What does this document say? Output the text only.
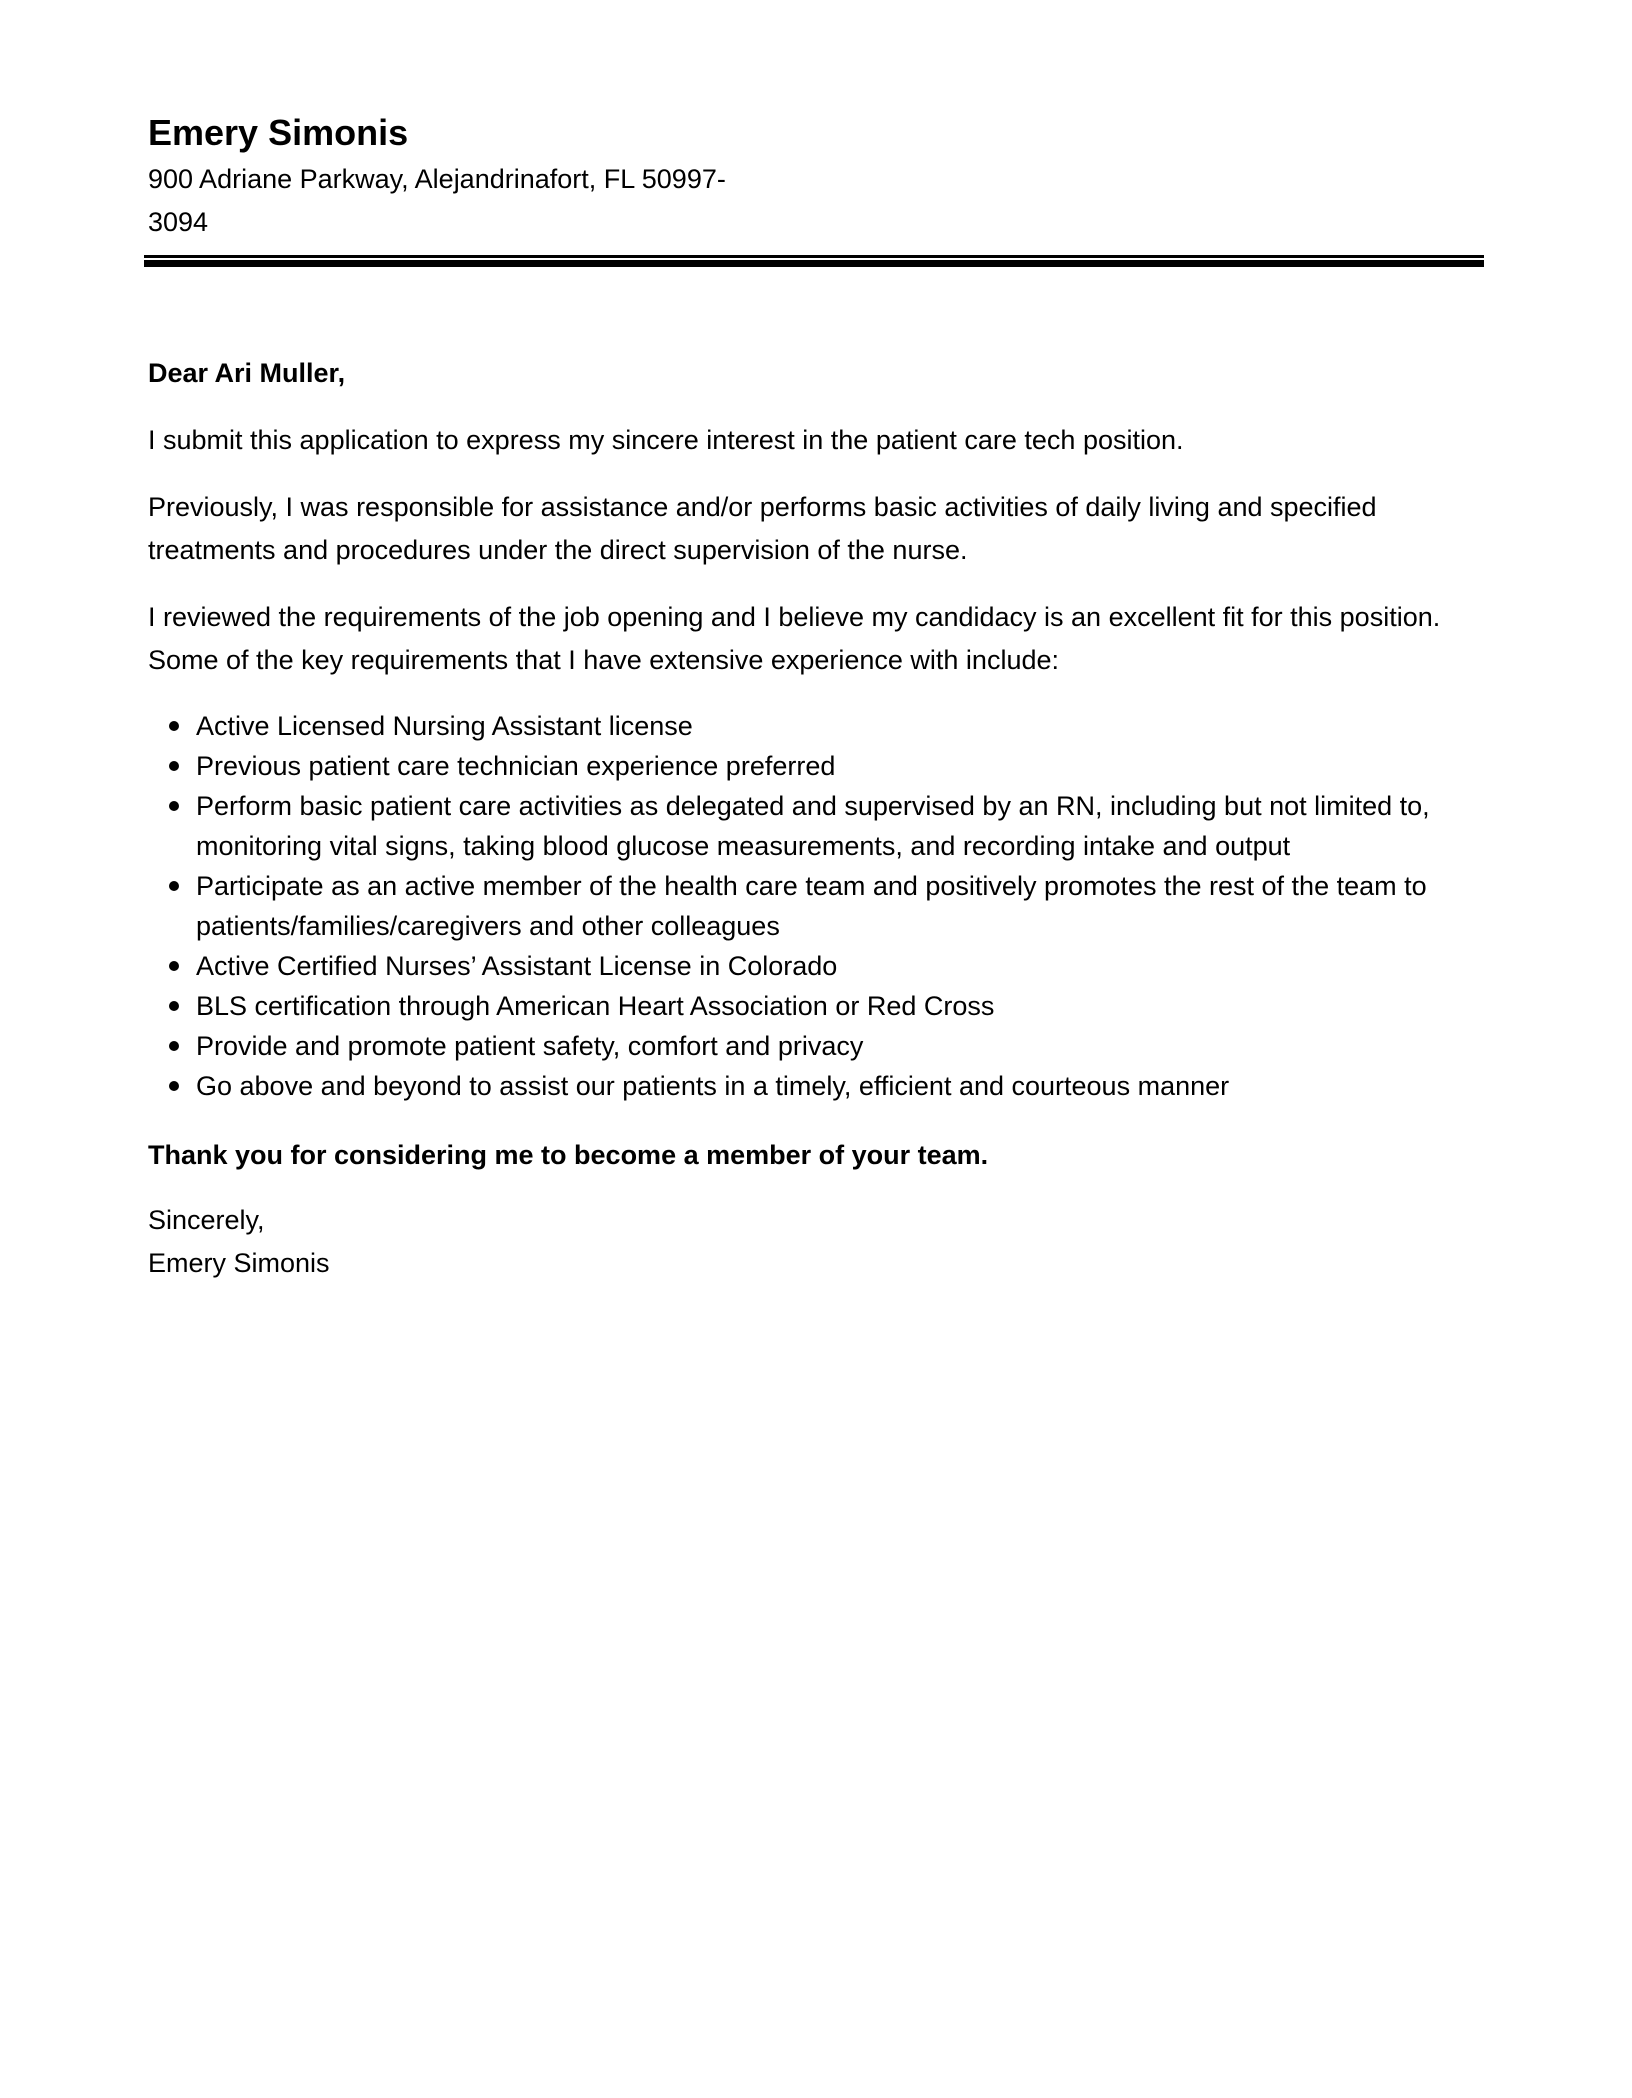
Emery Simonis

900 Adriane Parkway, Alejandrinafort, FL 50997-
3094

Dear Ari Muller,

I submit this application to express my sincere interest in the patient care tech position.

Previously, I was responsible for assistance and/or performs basic activities of daily living and specified treatments and procedures under the direct supervision of the nurse.

I reviewed the requirements of the job opening and I believe my candidacy is an excellent fit for this position. Some of the key requirements that I have extensive experience with include:

Active Licensed Nursing Assistant license
Previous patient care technician experience preferred
Perform basic patient care activities as delegated and supervised by an RN, including but not limited to, monitoring vital signs, taking blood glucose measurements, and recording intake and output
Participate as an active member of the health care team and positively promotes the rest of the team to patients/families/caregivers and other colleagues
Active Certified Nurses’ Assistant License in Colorado
BLS certification through American Heart Association or Red Cross
Provide and promote patient safety, comfort and privacy
Go above and beyond to assist our patients in a timely, efficient and courteous manner

Thank you for considering me to become a member of your team.

Sincerely,
Emery Simonis
